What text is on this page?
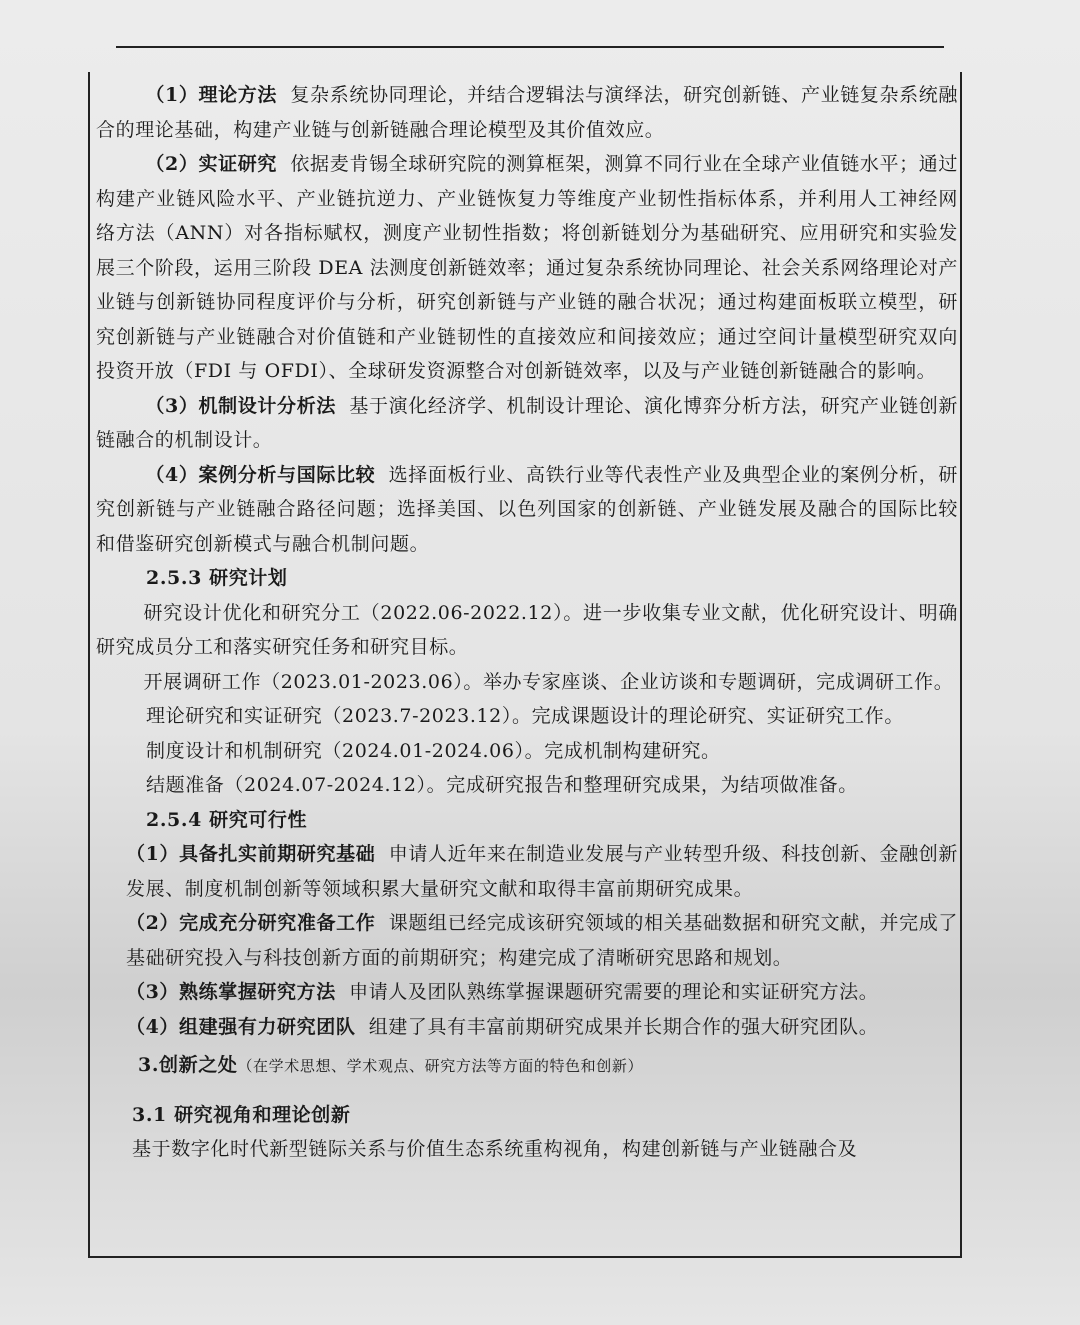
（1）理论方法 复杂系统协同理论，并结合逻辑法与演绎法，研究创新链、产业链复杂系统融合的理论基础，构建产业链与创新链融合理论模型及其价值效应。

（2）实证研究 依据麦肯锡全球研究院的测算框架，测算不同行业在全球产业值链水平；通过构建产业链风险水平、产业链抗逆力、产业链恢复力等维度产业韧性指标体系，并利用人工神经网络方法（ANN）对各指标赋权，测度产业韧性指数；将创新链划分为基础研究、应用研究和实验发展三个阶段，运用三阶段 DEA 法测度创新链效率；通过复杂系统协同理论、社会关系网络理论对产业链与创新链协同程度评价与分析，研究创新链与产业链的融合状况；通过构建面板联立模型，研究创新链与产业链融合对价值链和产业链韧性的直接效应和间接效应；通过空间计量模型研究双向投资开放（FDI 与 OFDI）、全球研发资源整合对创新链效率，以及与产业链创新链融合的影响。

（3）机制设计分析法 基于演化经济学、机制设计理论、演化博弈分析方法，研究产业链创新链融合的机制设计。

（4）案例分析与国际比较 选择面板行业、高铁行业等代表性产业及典型企业的案例分析，研究创新链与产业链融合路径问题；选择美国、以色列国家的创新链、产业链发展及融合的国际比较和借鉴研究创新模式与融合机制问题。

2.5.3 研究计划

研究设计优化和研究分工（2022.06-2022.12）。进一步收集专业文献，优化研究设计、明确研究成员分工和落实研究任务和研究目标。

开展调研工作（2023.01-2023.06）。举办专家座谈、企业访谈和专题调研，完成调研工作。

理论研究和实证研究（2023.7-2023.12）。完成课题设计的理论研究、实证研究工作。

制度设计和机制研究（2024.01-2024.06）。完成机制构建研究。

结题准备（2024.07-2024.12）。完成研究报告和整理研究成果，为结项做准备。

2.5.4 研究可行性

（1）具备扎实前期研究基础 申请人近年来在制造业发展与产业转型升级、科技创新、金融创新发展、制度机制创新等领域积累大量研究文献和取得丰富前期研究成果。

（2）完成充分研究准备工作 课题组已经完成该研究领域的相关基础数据和研究文献，并完成了基础研究投入与科技创新方面的前期研究；构建完成了清晰研究思路和规划。

（3）熟练掌握研究方法 申请人及团队熟练掌握课题研究需要的理论和实证研究方法。

（4）组建强有力研究团队 组建了具有丰富前期研究成果并长期合作的强大研究团队。

3.创新之处（在学术思想、学术观点、研究方法等方面的特色和创新）

3.1 研究视角和理论创新

基于数字化时代新型链际关系与价值生态系统重构视角，构建创新链与产业链融合及
